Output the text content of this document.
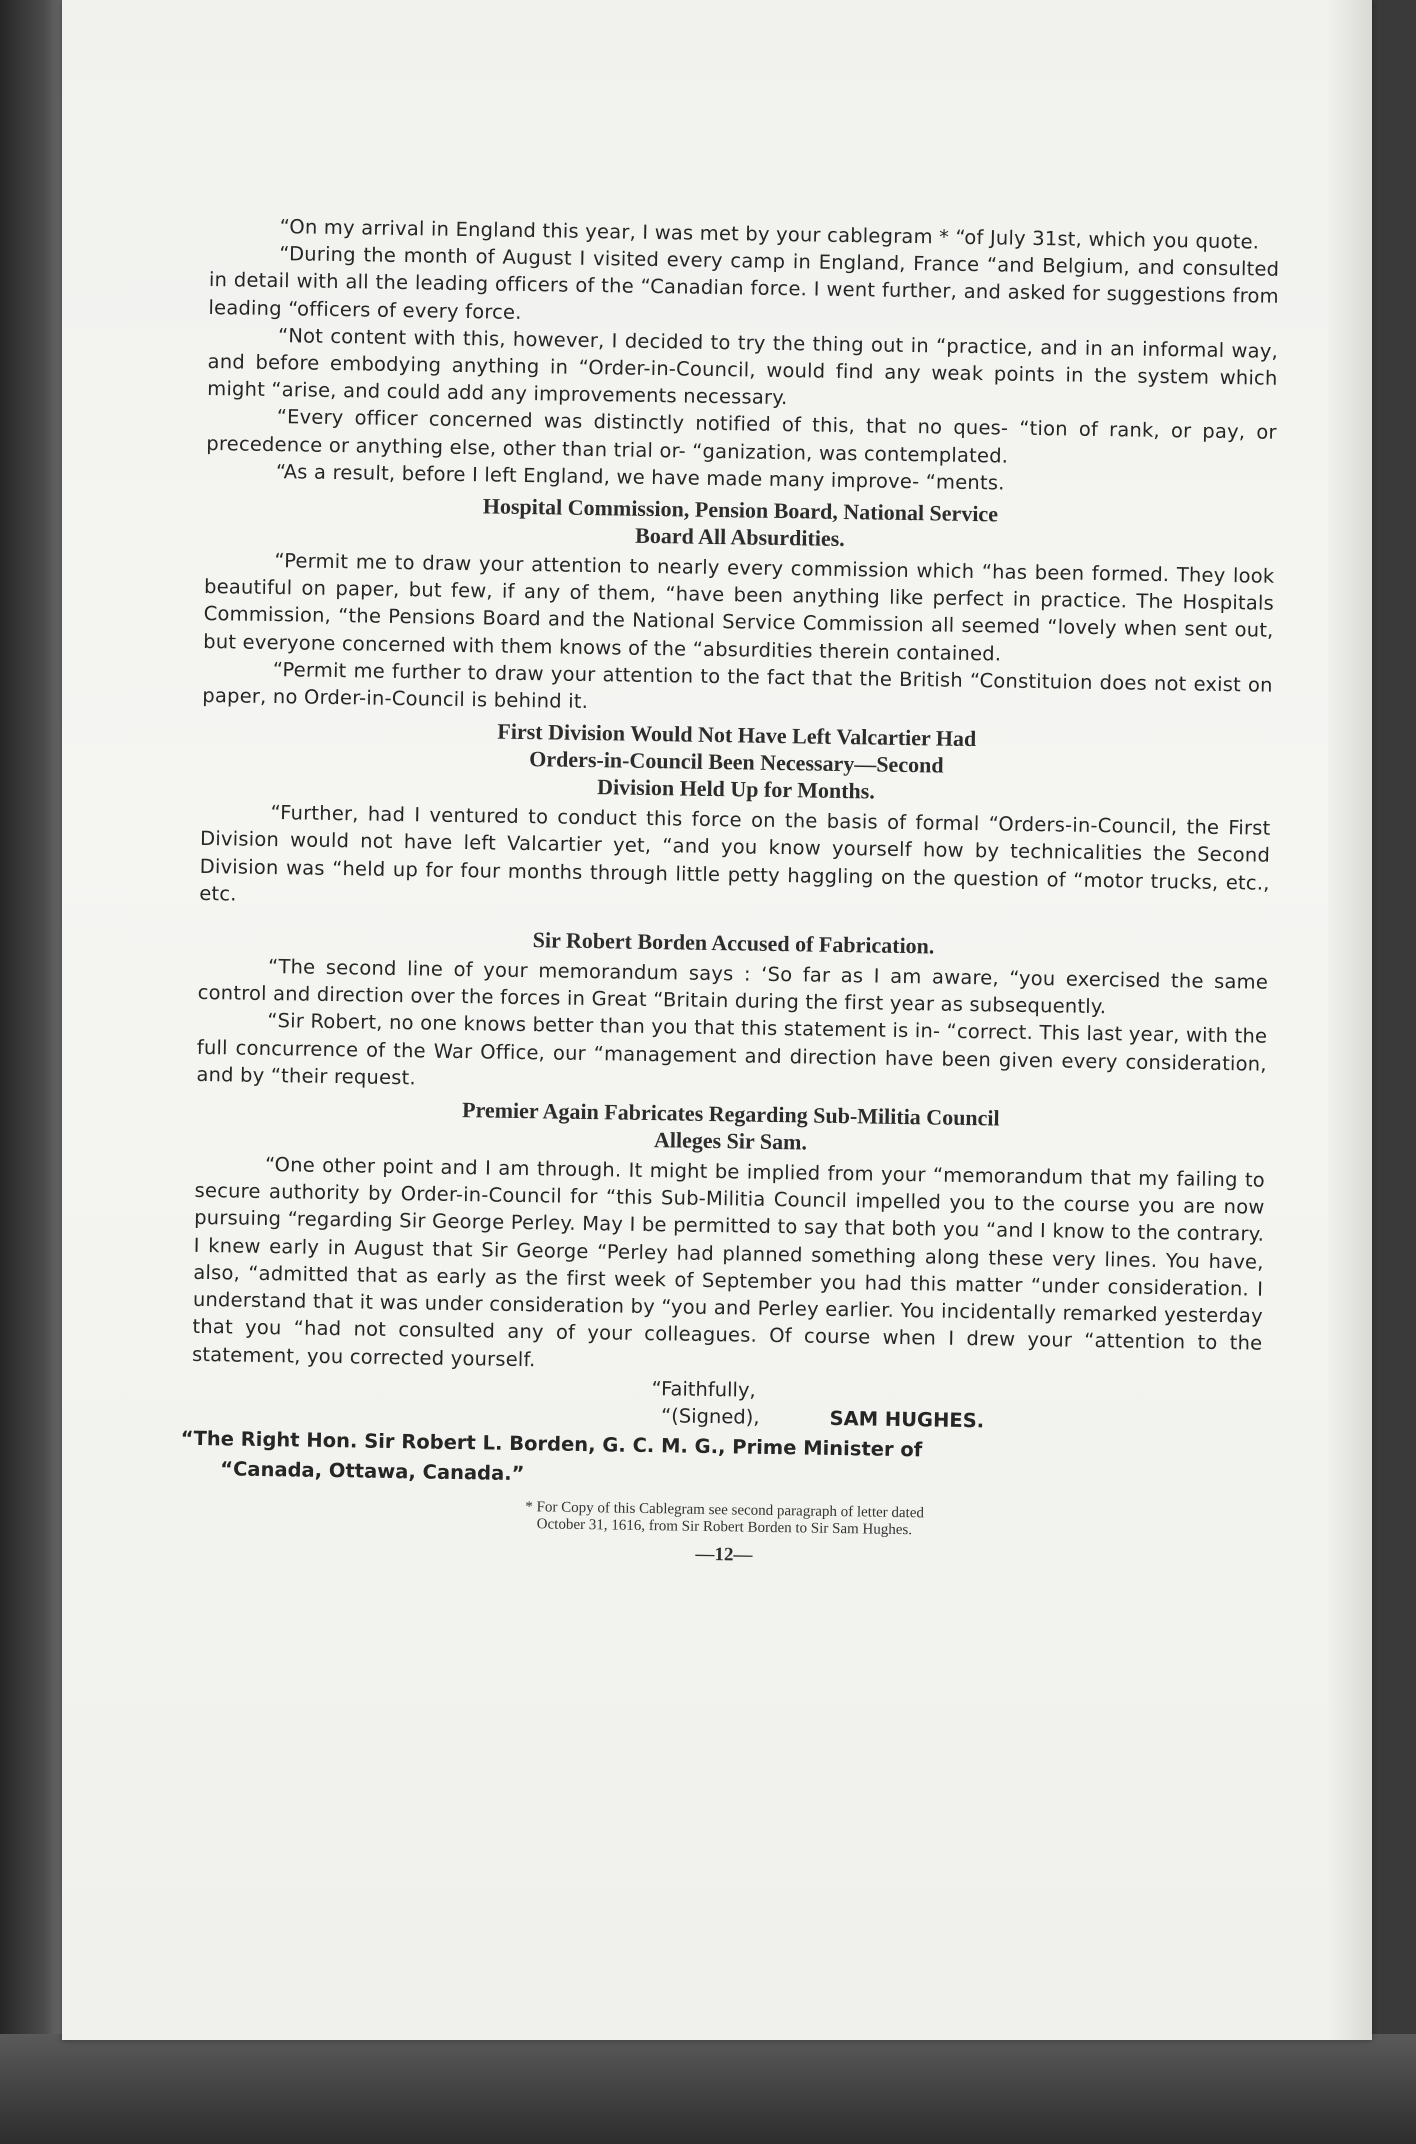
“On my arrival in England this year, I was met by your cablegram * “of July 31st, which you quote.

“During the month of August I visited every camp in England, France “and Belgium, and consulted in detail with all the leading officers of the “Canadian force. I went further, and asked for suggestions from leading “officers of every force.

“Not content with this, however, I decided to try the thing out in “practice, and in an informal way, and before embodying anything in “Order-in-Council, would find any weak points in the system which might “arise, and could add any improvements necessary.

“Every officer concerned was distinctly notified of this, that no ques- “tion of rank, or pay, or precedence or anything else, other than trial or- “ganization, was contemplated.

“As a result, before I left England, we have made many improve- “ments.

Hospital Commission, Pension Board, National Service
Board All Absurdities.

“Permit me to draw your attention to nearly every commission which “has been formed. They look beautiful on paper, but few, if any of them, “have been anything like perfect in practice. The Hospitals Commission, “the Pensions Board and the National Service Commission all seemed “lovely when sent out, but everyone concerned with them knows of the “absurdities therein contained.

“Permit me further to draw your attention to the fact that the British “Constituion does not exist on paper, no Order-in-Council is behind it.

First Division Would Not Have Left Valcartier Had
Orders-in-Council Been Necessary—Second
Division Held Up for Months.

“Further, had I ventured to conduct this force on the basis of formal “Orders-in-Council, the First Division would not have left Valcartier yet, “and you know yourself how by technicalities the Second Division was “held up for four months through little petty haggling on the question of “motor trucks, etc., etc.

Sir Robert Borden Accused of Fabrication.

“The second line of your memorandum says : ‘So far as I am aware, “you exercised the same control and direction over the forces in Great “Britain during the first year as subsequently.

“Sir Robert, no one knows better than you that this statement is in- “correct. This last year, with the full concurrence of the War Office, our “management and direction have been given every consideration, and by “their request.

Premier Again Fabricates Regarding Sub-Militia Council
Alleges Sir Sam.

“One other point and I am through. It might be implied from your “memorandum that my failing to secure authority by Order-in-Council for “this Sub-Militia Council impelled you to the course you are now pursuing “regarding Sir George Perley. May I be permitted to say that both you “and I know to the contrary. I knew early in August that Sir George “Perley had planned something along these very lines. You have, also, “admitted that as early as the first week of September you had this matter “under consideration. I understand that it was under consideration by “you and Perley earlier. You incidentally remarked yesterday that you “had not consulted any of your colleagues. Of course when I drew your “attention to the statement, you corrected yourself.

“Faithfully,

“(Signed),	SAM HUGHES.

“The Right Hon. Sir Robert L. Borden, G. C. M. G., Prime Minister of

“Canada, Ottawa, Canada.”

* For Copy of this Cablegram see second paragraph of letter dated
October 31, 1616, from Sir Robert Borden to Sir Sam Hughes.
—12—
